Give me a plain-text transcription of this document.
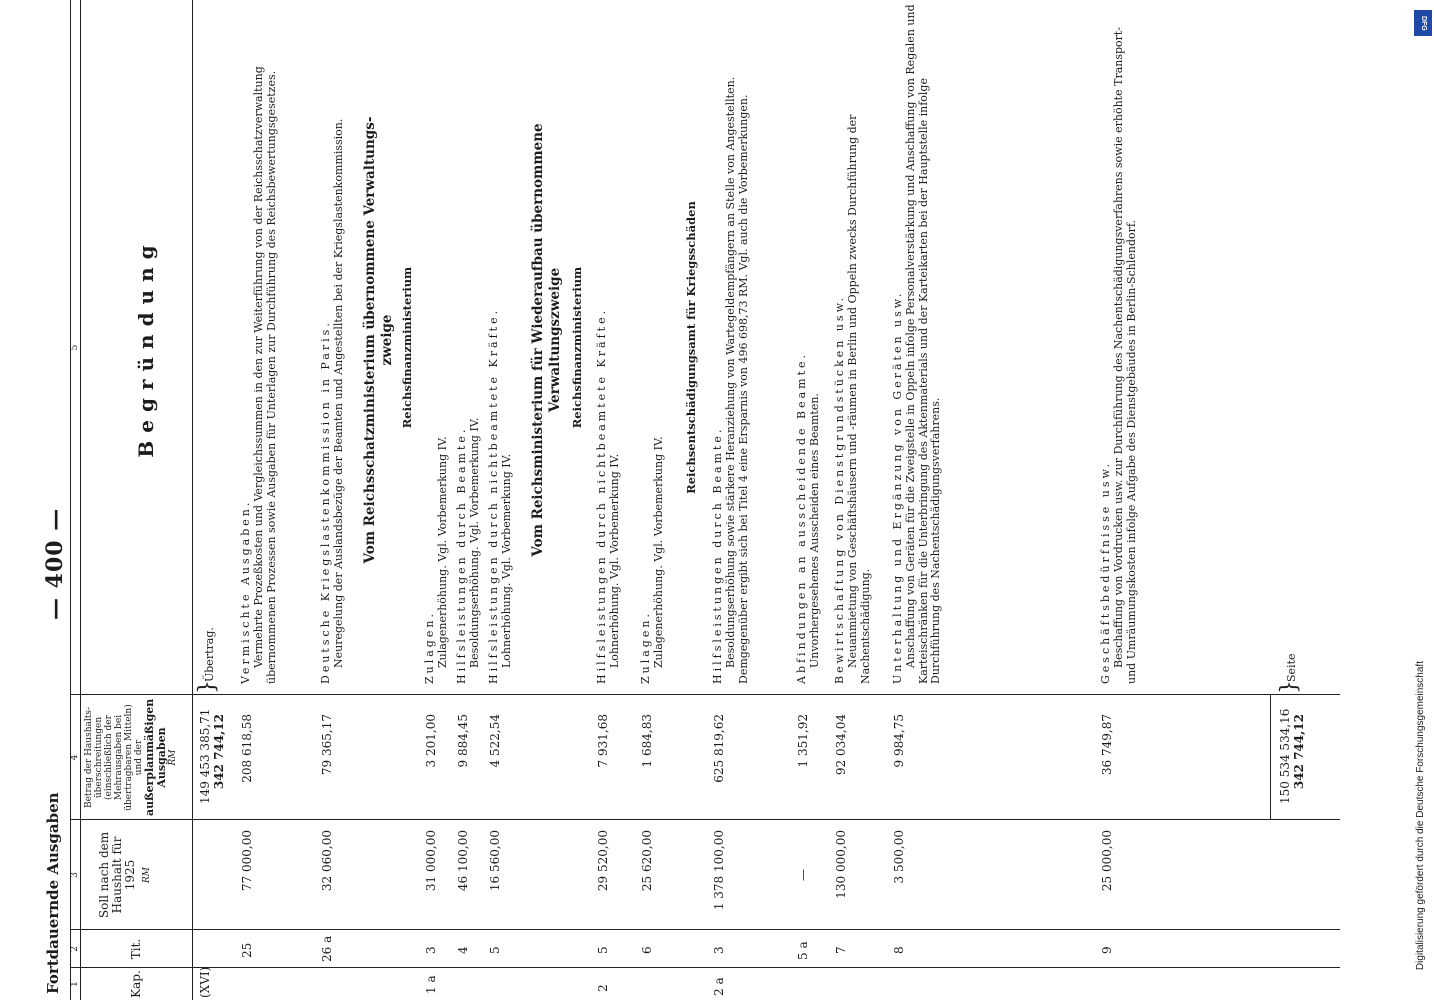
Fortdauernde Ausgaben
— 400 —
1
2
3
4
5
Kap.
Tit.
Soll nach dem Haushalt für 1925 RM
Betrag der Haushalts- überschreitungen (einschließlich der Mehrausgaben bei übertragbaren Mitteln) und der außerplanmäßigen Ausgaben RM
Begründung
(XVI)
149 453 385,71 342 744,12
}
Übertrag.
25
77 000,00
208 618,58
Vermischte Ausgaben. Vermehrte Prozeßkosten und Vergleichssummen in den zur Weiterführung von der Reichsschatzverwaltung übernommenen Prozessen sowie Ausgaben für Unterlagen zur Durchführung des Reichsbewertungsgesetzes.
26 a
32 060,00
79 365,17
Deutsche Kriegslastenkommission in Paris. Neuregelung der Auslandsbezüge der Beamten und Angestellten bei der Kriegslastenkommission. Vom Reichsschatzministerium übernommene Verwaltungs- zweige Reichsfinanzministerium
1 a
3
31 000,00
3 201,00
Zulagen. Zulagenerhöhung. Vgl. Vorbemerkung IV.
4
46 100,00
9 884,45
Hilfsleistungen durch Beamte. Besoldungserhöhung. Vgl. Vorbemerkung IV.
5
16 560,00
4 522,54
Hilfsleistungen durch nichtbeamtete Kräfte. Lohnerhöhung. Vgl. Vorbemerkung IV.
Vom Reichsministerium für Wiederaufbau übernommene Verwaltungszweige Reichsfinanzministerium
2
5
29 520,00
7 931,68
Hilfsleistungen durch nichtbeamtete Kräfte. Lohnerhöhung. Vgl. Vorbemerkung IV.
6
25 620,00
1 684,83
Zulagen. Zulagenerhöhung. Vgl. Vorbemerkung IV.
Reichsentschädigungsamt für Kriegsschäden
2 a
3
1 378 100,00
625 819,62
Hilfsleistungen durch Beamte. Besoldungserhöhung sowie stärkere Heranziehung von Wartegeldempfängern an Stelle von Angestellten. Demgegenüber ergibt sich bei Titel 4 eine Ersparnis von 496 698,73 RM. Vgl. auch die Vorbemerkungen.
5 a
—
1 351,92
Abfindungen an ausscheidende Beamte. Unvorhergesehenes Ausscheiden eines Beamten.
7
130 000,00
92 034,04
Bewirtschaftung von Dienstgrundstücken usw. Neuanmietung von Geschäftshäusern und -räumen in Berlin und Oppeln zwecks Durchführung der Nachentschädigung.
8
3 500,00
9 984,75
Unterhaltung und Ergänzung von Geräten usw. Anschaffung von Geräten für die Zweigstelle in Oppeln infolge Personalverstärkung und Anschaffung von Regalen und Karteischränken für die Unterbringung des Aktenmaterials und der Karteikarten bei der Hauptstelle infolge Durchführung des Nachentschädigungsverfahrens.
9
25 000,00
36 749,87
Geschäftsbedürfnisse usw. Beschaffung von Vordrucken usw. zur Durchführung des Nachentschädigungsverfahrens sowie erhöhte Transport- und Umräumungskosten infolge Aufgabe des Dienstgebäudes in Berlin-Schlendorf.
150 534 534,16 342 744,12
}
Seite	Digitalisierung gefördert durch die Deutsche Forschungsgemeinschaft
DFG
